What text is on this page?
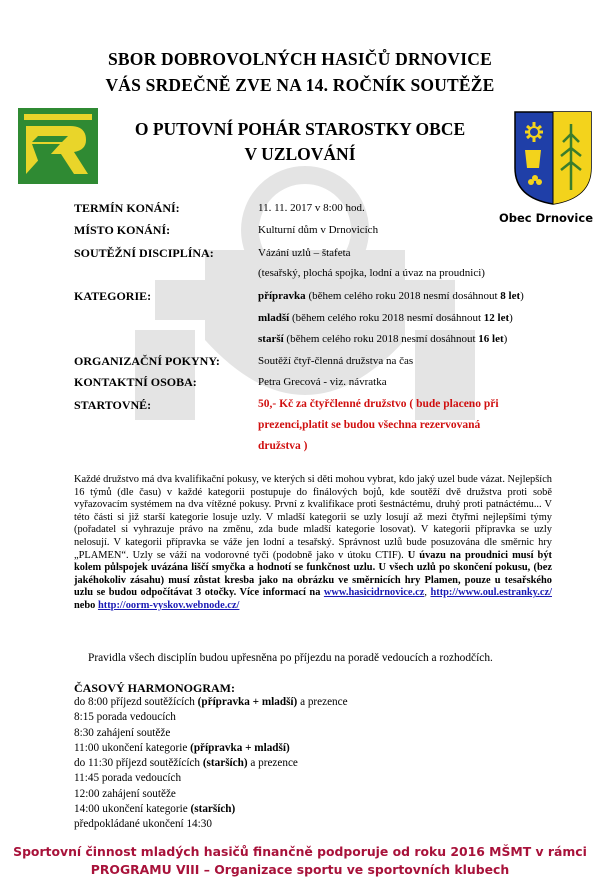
SBOR DOBROVOLNÝCH HASIČŮ DRNOVICE
VÁS SRDEČNĚ ZVE NA 14. ROČNÍK SOUTĚŽE
O PUTOVNÍ POHÁR STAROSTKY OBCE
V UZLOVÁNÍ
Obec Drnovice
TERMÍN KONÁNÍ:	11. 11. 2017 v 8:00 hod.
MÍSTO KONÁNÍ:	Kulturní dům v Drnovicích
SOUTĚŽNÍ DISCIPLÍNA:	Vázání uzlů – štafeta
(tesařský, plochá spojka, lodní a úvaz na proudnici)
KATEGORIE:	přípravka (během celého roku 2018 nesmí dosáhnout 8 let)
mladší (během celého roku 2018 nesmí dosáhnout 12 let)
starší (během celého roku 2018 nesmí dosáhnout 16 let)
ORGANIZAČNÍ POKYNY:	Soutěží čtyř-členná družstva na čas
KONTAKTNÍ OSOBA:	Petra Grecová - viz. návratka
STARTOVNÉ:	50,- Kč za čtyřčlenné družstvo ( bude placeno při
prezenci,platit se budou všechna rezervovaná
družstva )
Každé družstvo má dva kvalifikační pokusy, ve kterých si děti mohou vybrat, kdo jaký uzel bude vázat. Nejlepších 16 týmů (dle času) v každé kategorii postupuje do finálových bojů, kde soutěží dvě družstva proti sobě vyřazovacím systémem na dva vítězné pokusy. První z kvalifikace proti šestnáctému, druhý proti patnáctému... V této části si již starší kategorie losuje uzly. V mladší kategorii se uzly losují až mezi čtyřmi nejlepšími týmy (pořadatel si vyhrazuje právo na změnu, zda bude mladší kategorie losovat). V kategorii přípravka se uzly nelosují. V kategorii přípravka se váže jen lodní a tesařský. Správnost uzlů bude posuzována dle směrnic hry „PLAMEN“. Uzly se váží na vodorovné tyči (podobně jako v útoku CTIF). U úvazu na proudnici musí být kolem půlspojek uvázána liščí smyčka a hodnotí se funkčnost uzlu. U všech uzlů po skončení pokusu, (bez jakéhokoliv zásahu) musí zůstat kresba jako na obrázku ve směrnicích hry Plamen, pouze u tesařského uzlu se budou odpočítávat 3 otočky. Více informací na www.hasicidrnovice.cz, http://www.oul.estranky.cz/ nebo http://oorm-vyskov.webnode.cz/
Pravidla všech disciplín budou upřesněna po příjezdu na poradě vedoucích a rozhodčích.
ČASOVÝ HARMONOGRAM:
do 8:00 příjezd soutěžících (přípravka + mladší) a prezence
8:15 porada vedoucích
8:30 zahájení soutěže
11:00 ukončení kategorie (přípravka + mladší)
do 11:30 příjezd soutěžících (starších) a prezence
11:45 porada vedoucích
12:00 zahájení soutěže
14:00 ukončení kategorie (starších)
předpokládané ukončení 14:30
Sportovní činnost mladých hasičů finančně podporuje od roku 2016 MŠMT v rámci
PROGRAMU VIII – Organizace sportu ve sportovních klubech
